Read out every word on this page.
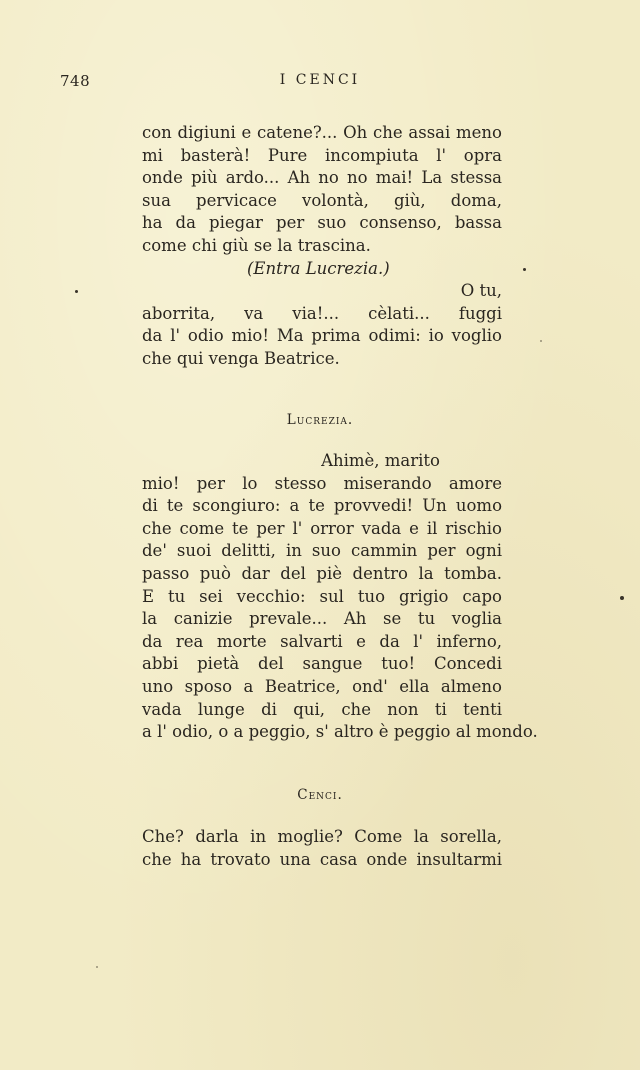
748	I CENCI
con digiuni e catene?... Oh che assai meno
mi basterà! Pure incompiuta l' opra
onde più ardo... Ah no no mai! La stessa
sua pervicace volontà, giù, doma,
ha da piegar per suo consenso, bassa
come chi giù se la trascina.
(Entra Lucrezia.)
O tu,
aborrita, va via!... cèlati... fuggi
da l' odio mio! Ma prima odimi: io voglio
che qui venga Beatrice.
Lucrezia.
Ahimè, marito
mio! per lo stesso miserando amore
di te scongiuro: a te provvedi! Un uomo
che come te per l' orror vada e il rischio
de' suoi delitti, in suo cammin per ogni
passo può dar del piè dentro la tomba.
E tu sei vecchio: sul tuo grigio capo
la canizie prevale... Ah se tu voglia
da rea morte salvarti e da l' inferno,
abbi pietà del sangue tuo! Concedi
uno sposo a Beatrice, ond' ella almeno
vada lunge di qui, che non ti tenti
a l' odio, o a peggio, s' altro è peggio al mondo.
Cenci.
Che? darla in moglie? Come la sorella,
che ha trovato una casa onde insultarmi
